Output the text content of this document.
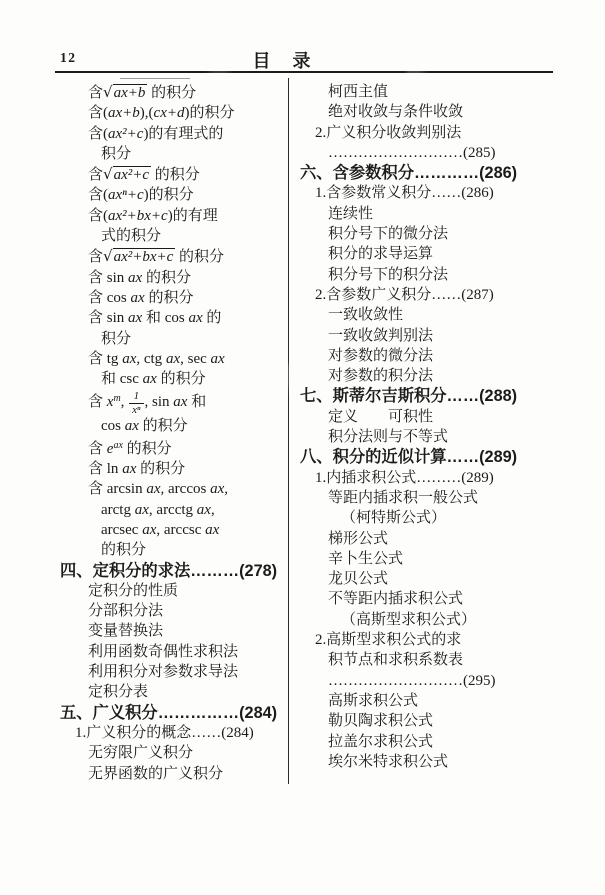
12	目　录
含√ax+b 的积分
含(ax+b),(cx+d)的积分
含(ax²+c)的有理式的
积分
含√ax²+c 的积分
含(axⁿ+c)的积分
含(ax²+bx+c)的有理
式的积分
含√ax²+bx+c 的积分
含 sin ax 的积分
含 cos ax 的积分
含 sin ax 和 cos ax 的
积分
含 tg ax, ctg ax, sec ax
和 csc ax 的积分
含 $x^m$, $\frac{1}{\text{xⁿ}}$ , sin ax 和
cos ax 的积分
含 $e^{ax}$ 的积分
含 ln ax 的积分
含 arcsin ax, arccos ax,
arctg ax, arcctg ax,
arcsec ax, arccsc ax
的积分
四、定积分的求法………(278)
定积分的性质
分部积分法
变量替换法
利用函数奇偶性求积法
利用积分对参数求导法
定积分表
五、广义积分……………(284)
1.广义积分的概念……(284)
无穷限广义积分
无界函数的广义积分
柯西主值
绝对收敛与条件收敛
2.广义积分收敛判别法
………………………(285)
六、含参数积分…………(286)
1.含参数常义积分……(286)
连续性
积分号下的微分法
积分的求导运算
积分号下的积分法
2.含参数广义积分……(287)
一致收敛性
一致收敛判别法
对参数的微分法
对参数的积分法
七、斯蒂尔吉斯积分……(288)
定义　　可积性
积分法则与不等式
八、积分的近似计算……(289)
1.内插求积公式………(289)
等距内插求积一般公式
（柯特斯公式）
梯形公式
辛卜生公式
龙贝公式
不等距内插求积公式
（高斯型求积公式）
2.高斯型求积公式的求
积节点和求积系数表
………………………(295)
高斯求积公式
勒贝陶求积公式
拉盖尔求积公式
埃尔米特求积公式
